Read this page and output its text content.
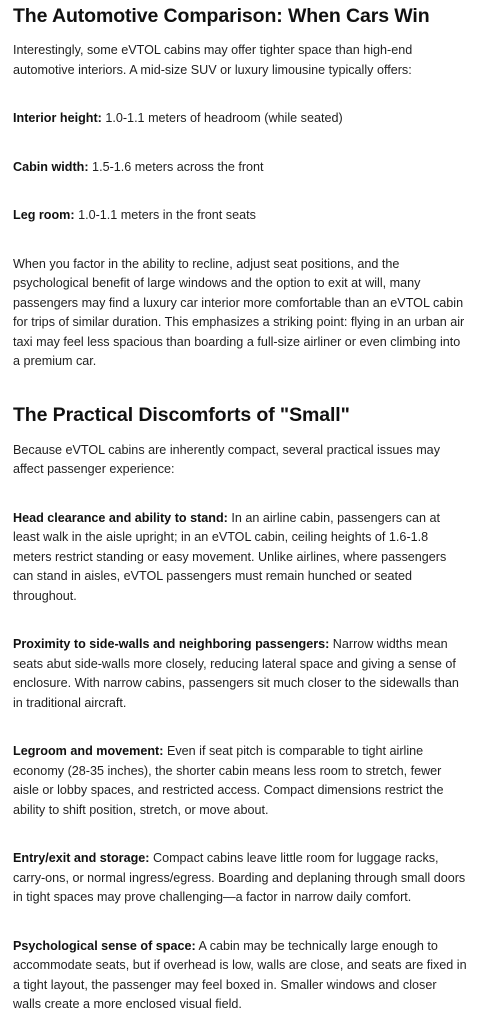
The Automotive Comparison: When Cars Win

Interestingly, some eVTOL cabins may offer tighter space than high-end automotive interiors. A mid-size SUV or luxury limousine typically offers:

Interior height: 1.0-1.1 meters of headroom (while seated)

Cabin width: 1.5-1.6 meters across the front

Leg room: 1.0-1.1 meters in the front seats

When you factor in the ability to recline, adjust seat positions, and the psychological benefit of large windows and the option to exit at will, many passengers may find a luxury car interior more comfortable than an eVTOL cabin for trips of similar duration. This emphasizes a striking point: flying in an urban air taxi may feel less spacious than boarding a full-size airliner or even climbing into a premium car.

The Practical Discomforts of "Small"

Because eVTOL cabins are inherently compact, several practical issues may affect passenger experience:

Head clearance and ability to stand: In an airline cabin, passengers can at least walk in the aisle upright; in an eVTOL cabin, ceiling heights of 1.6-1.8 meters restrict standing or easy movement. Unlike airlines, where passengers can stand in aisles, eVTOL passengers must remain hunched or seated throughout.

Proximity to side-walls and neighboring passengers: Narrow widths mean seats abut side-walls more closely, reducing lateral space and giving a sense of enclosure. With narrow cabins, passengers sit much closer to the sidewalls than in traditional aircraft.

Legroom and movement: Even if seat pitch is comparable to tight airline economy (28-35 inches), the shorter cabin means less room to stretch, fewer aisle or lobby spaces, and restricted access. Compact dimensions restrict the ability to shift position, stretch, or move about.

Entry/exit and storage: Compact cabins leave little room for luggage racks, carry-ons, or normal ingress/egress. Boarding and deplaning through small doors in tight spaces may prove challenging—a factor in narrow daily comfort.

Psychological sense of space: A cabin may be technically large enough to accommodate seats, but if overhead is low, walls are close, and seats are fixed in a tight layout, the passenger may feel boxed in. Smaller windows and closer walls create a more enclosed visual field.
